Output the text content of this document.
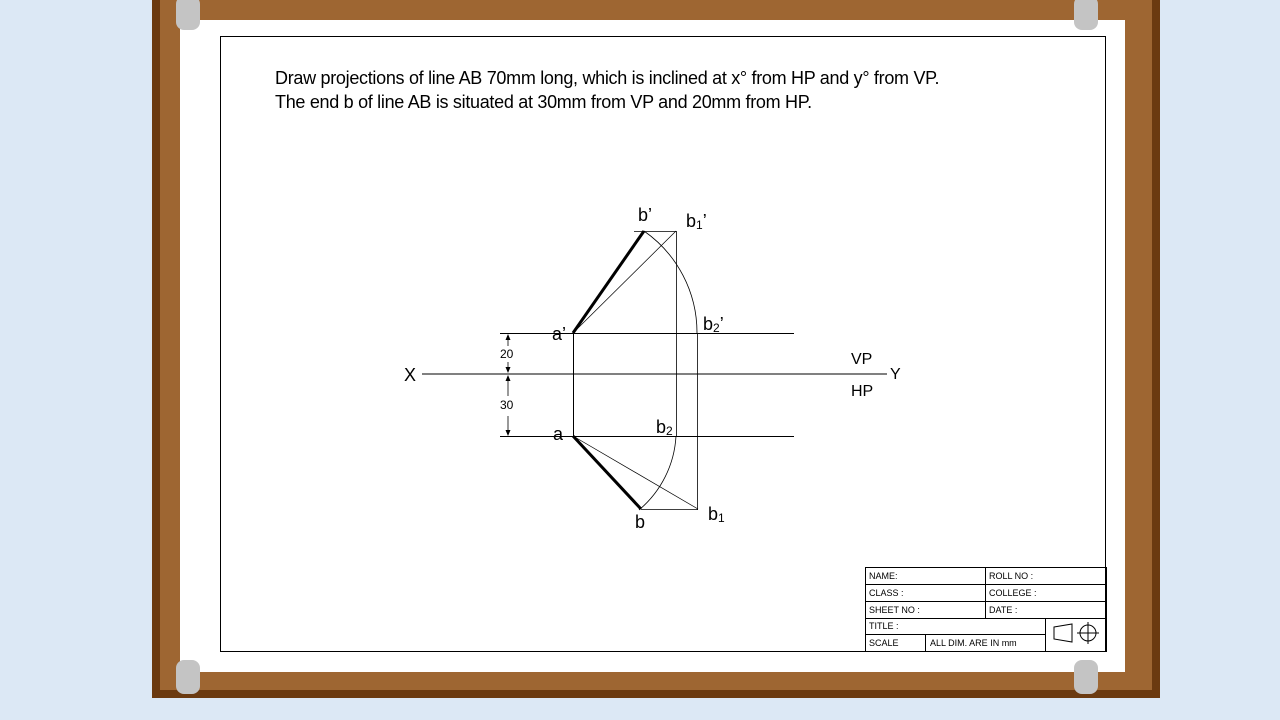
Draw projections of line AB 70mm long, which is inclined at x° from HP and y° from VP.
The end b of line AB is situated at 30mm from VP and 20mm from HP.
b’ $b_1$’
$b_2$’
a’
X	Y
VP
HP
a	$b_2$
b	$b_1$
20
30
NAME:	ROLL NO :
CLASS :	COLLEGE :
SHEET NO :	DATE :
TITLE :
SCALE	ALL DIM. ARE IN mm
